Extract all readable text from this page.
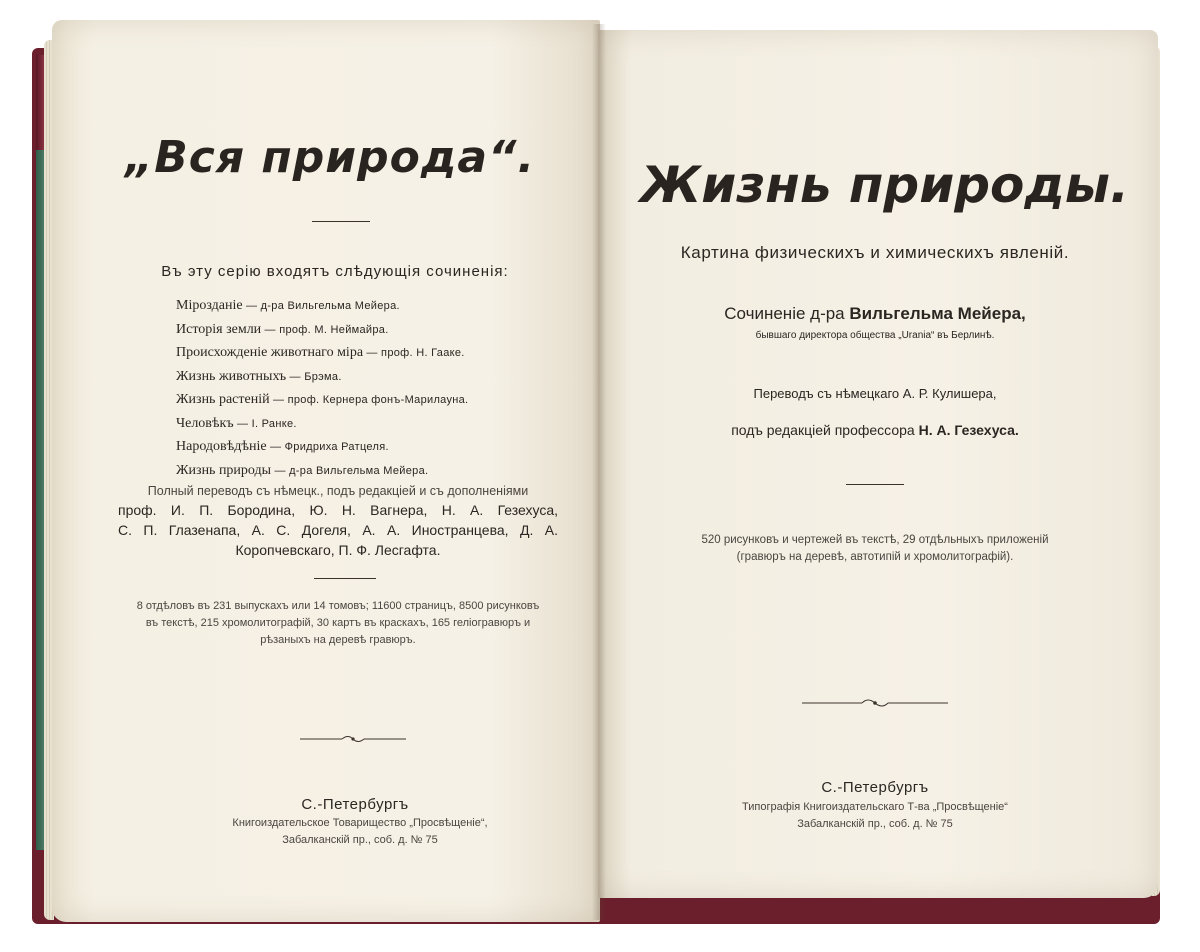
„Вся природа“.
Въ эту серію входятъ слѣдующія сочиненія:
Мірозданіе — д-ра Вильгельма Мейера.
Исторія земли — проф. М. Неймайра.
Происхожденіе животнаго міра — проф. Н. Гааке.
Жизнь животныхъ — Брэма.
Жизнь растеній — проф. Кернера фонъ-Марилауна.
Человѣкъ — I. Ранке.
Народовѣдѣніе — Фридриха Ратцеля.
Жизнь природы — д-ра Вильгельма Мейера.
Полный переводъ съ нѣмецк., подъ редакціей и съ дополненіями
проф. И. П. Бородина, Ю. Н. Вагнера, Н. А. Гезехуса,
С. П. Глазенапа, А. С. Догеля, А. А. Иностранцева, Д. А.
Коропчевскаго, П. Ф. Лесгафта.
8 отдѣловъ въ 231 выпускахъ или 14 томовъ; 11600 страницъ, 8500 рисунковъ
въ текстѣ, 215 хромолитографій, 30 картъ въ краскахъ, 165 геліогравюръ и
рѣзаныхъ на деревѣ гравюръ.
С.-Петербургъ
Книгоиздательское Товарищество „Просвѣщеніе“,
Забалканскій пр., соб. д. № 75
Жизнь природы.
Картина физическихъ и химическихъ явленій.
Сочиненіе д-ра Вильгельма Мейера,
бывшаго директора общества „Urania“ въ Берлинѣ.
Переводъ съ нѣмецкаго А. Р. Кулишера,
подъ редакціей профессора Н. А. Гезехуса.
520 рисунковъ и чертежей въ текстѣ, 29 отдѣльныхъ приложеній
(гравюръ на деревѣ, автотипій и хромолитографій).
С.-Петербургъ
Типографія Книгоиздательскаго Т-ва „Просвѣщеніе“
Забалканскій пр., соб. д. № 75
